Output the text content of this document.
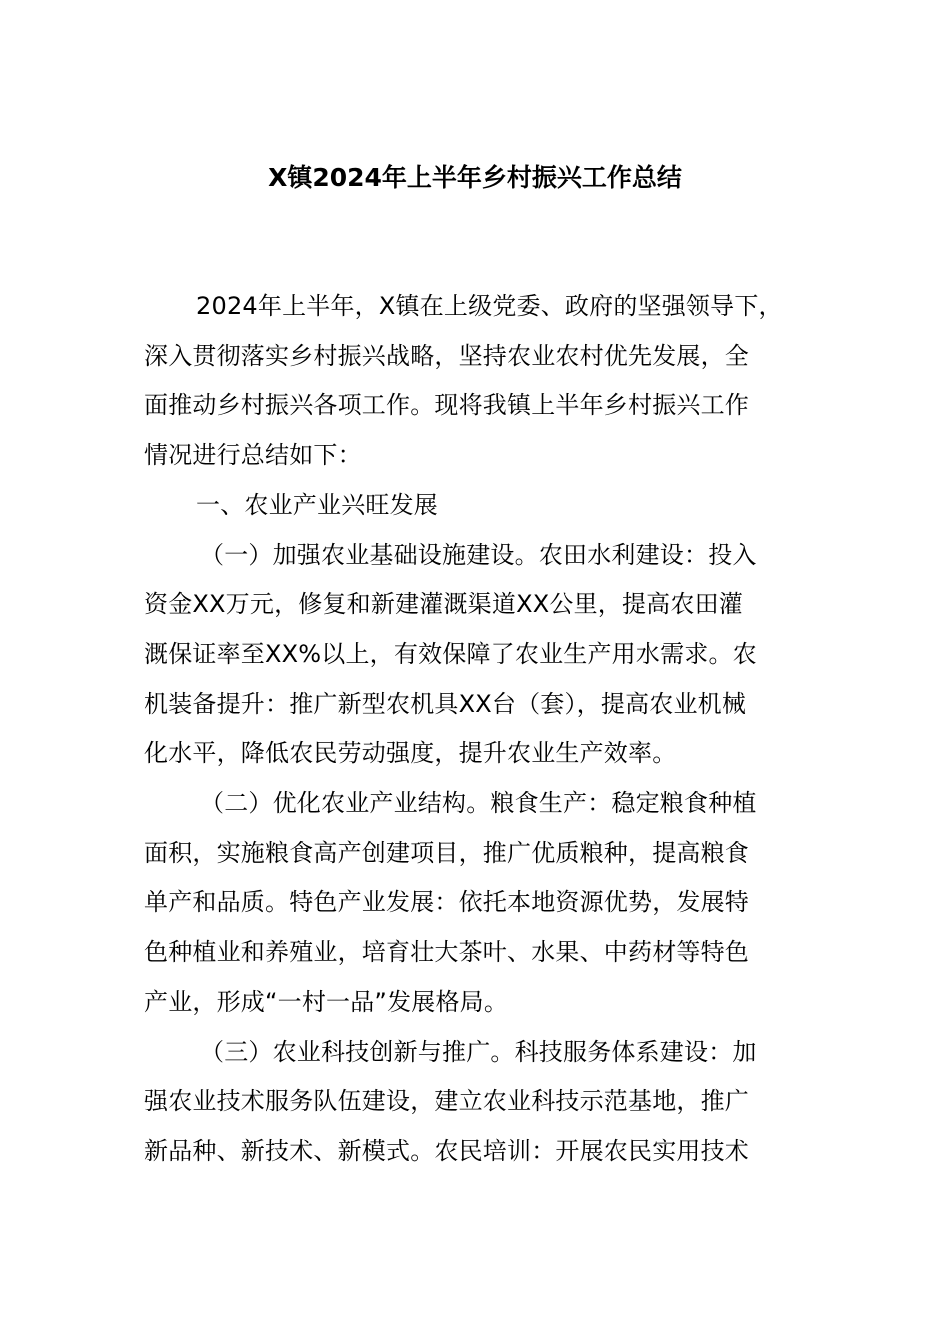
X镇2024年上半年乡村振兴工作总结

2024年上半年，X镇在上级党委、政府的坚强领导下，
深入贯彻落实乡村振兴战略，坚持农业农村优先发展，全
面推动乡村振兴各项工作。现将我镇上半年乡村振兴工作
情况进行总结如下：

一、农业产业兴旺发展

（一）加强农业基础设施建设。农田水利建设：投入
资金XX万元，修复和新建灌溉渠道XX公里，提高农田灌
溉保证率至XX%以上，有效保障了农业生产用水需求。农
机装备提升：推广新型农机具XX台（套），提高农业机械
化水平，降低农民劳动强度，提升农业生产效率。

（二）优化农业产业结构。粮食生产：稳定粮食种植
面积，实施粮食高产创建项目，推广优质粮种，提高粮食
单产和品质。特色产业发展：依托本地资源优势，发展特
色种植业和养殖业，培育壮大茶叶、水果、中药材等特色
产业，形成“一村一品”发展格局。

（三）农业科技创新与推广。科技服务体系建设：加
强农业技术服务队伍建设，建立农业科技示范基地，推广
新品种、新技术、新模式。农民培训：开展农民实用技术
